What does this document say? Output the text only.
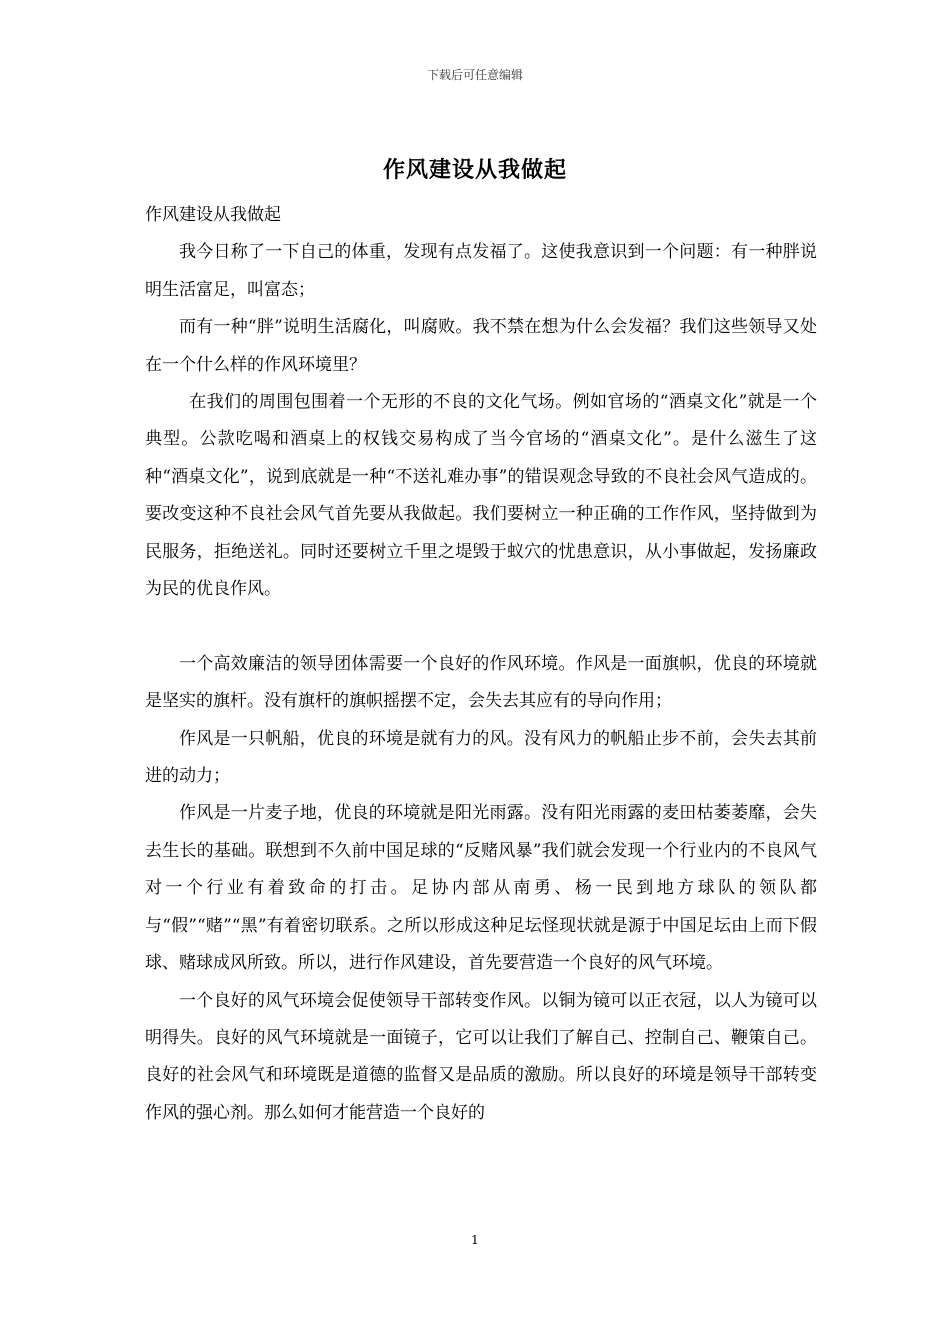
下载后可任意编辑
作风建设从我做起

作风建设从我做起

我今日称了一下自己的体重，发现有点发福了。这使我意识到一个问题：有一种胖说明生活富足，叫富态；

而有一种“胖”说明生活腐化，叫腐败。我不禁在想为什么会发福？我们这些领导又处在一个什么样的作风环境里？

在我们的周围包围着一个无形的不良的文化气场。例如官场的“酒桌文化”就是一个典型。公款吃喝和酒桌上的权钱交易构成了当今官场的“酒桌文化”。是什么滋生了这种“酒桌文化”，说到底就是一种“不送礼难办事”的错误观念导致的不良社会风气造成的。要改变这种不良社会风气首先要从我做起。我们要树立一种正确的工作作风，坚持做到为民服务，拒绝送礼。同时还要树立千里之堤毁于蚁穴的忧患意识，从小事做起，发扬廉政为民的优良作风。

一个高效廉洁的领导团体需要一个良好的作风环境。作风是一面旗帜，优良的环境就是坚实的旗杆。没有旗杆的旗帜摇摆不定，会失去其应有的导向作用；

作风是一只帆船，优良的环境是就有力的风。没有风力的帆船止步不前，会失去其前进的动力；

作风是一片麦子地，优良的环境就是阳光雨露。没有阳光雨露的麦田枯萎萎靡，会失去生长的基础。联想到不久前中国足球的“反赌风暴”我们就会发现一个行业内的不良风气对一个行业有着致命的打击。足协内部从南勇、杨一民到地方球队的领队都与“假”“赌”“黑”有着密切联系。之所以形成这种足坛怪现状就是源于中国足坛由上而下假球、赌球成风所致。所以，进行作风建设，首先要营造一个良好的风气环境。

一个良好的风气环境会促使领导干部转变作风。以铜为镜可以正衣冠，以人为镜可以明得失。良好的风气环境就是一面镜子，它可以让我们了解自己、控制自己、鞭策自己。良好的社会风气和环境既是道德的监督又是品质的激励。所以良好的环境是领导干部转变作风的强心剂。那么如何才能营造一个良好的

1
